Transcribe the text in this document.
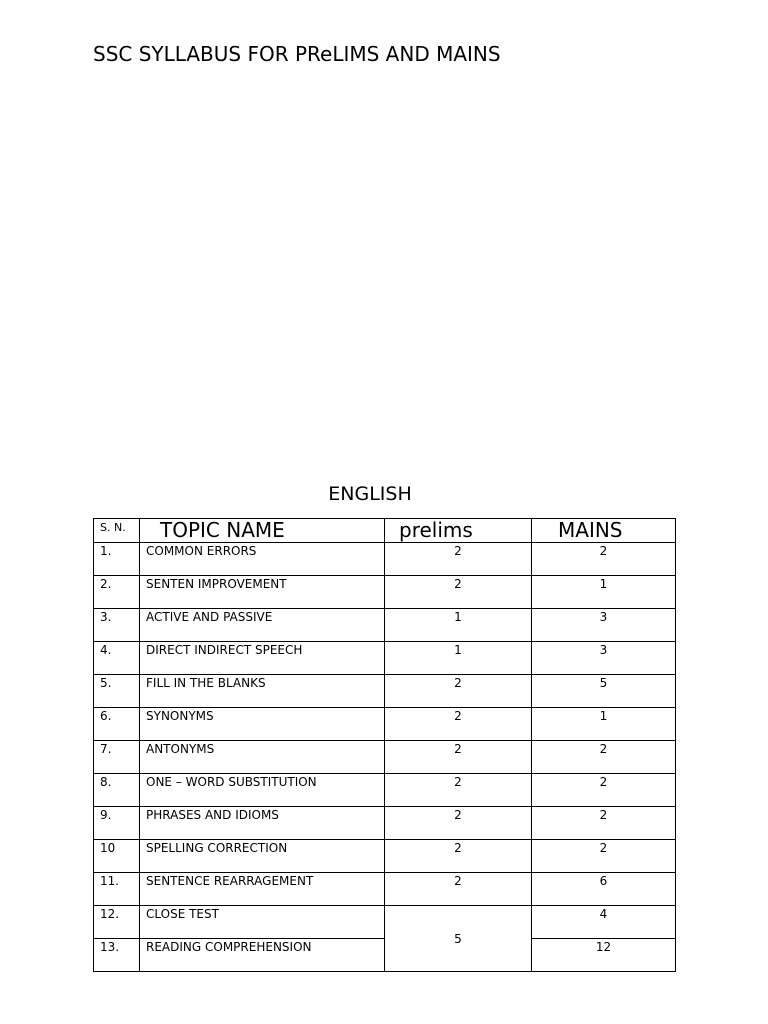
SSC SYLLABUS FOR PReLIMS AND MAINS
ENGLISH
S. N.	TOPIC NAME	prelims	MAINS
1.	COMMON ERRORS	2	2
2.	SENTEN IMPROVEMENT	2	1
3.	ACTIVE AND PASSIVE	1	3
4.	DIRECT INDIRECT SPEECH	1	3
5.	FILL IN THE BLANKS	2	5
6.	SYNONYMS	2	1
7.	ANTONYMS	2	2
8.	ONE – WORD SUBSTITUTION	2	2
9.	PHRASES AND IDIOMS	2	2
10	SPELLING CORRECTION	2	2
11.	SENTENCE REARRAGEMENT	2	6
12.	CLOSE TEST	5	4
13.	READING COMPREHENSION		12
